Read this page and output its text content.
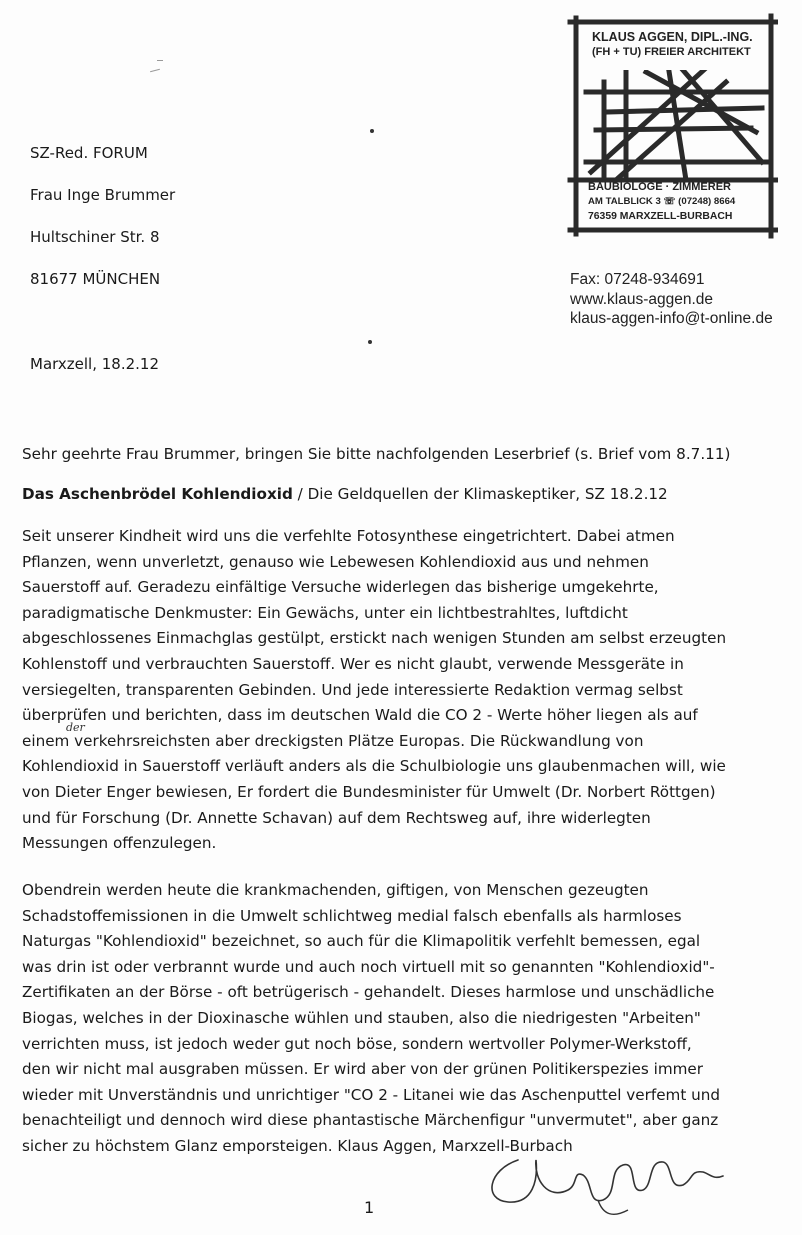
KLAUS AGGEN, DIPL.-ING.
(FH + TU) FREIER ARCHITEKT
BAUBIOLOGE · ZIMMERER
AM TALBLICK 3 ☏ (07248) 8664
76359 MARXZELL-BURBACH
SZ-Red. FORUM
Frau Inge Brummer
Hultschiner Str. 8
81677 MÜNCHEN	Fax: 07248-934691
www.klaus-aggen.de
klaus-aggen-info@t-online.de
Marxzell, 18.2.12
Sehr geehrte Frau Brummer, bringen Sie bitte nachfolgenden Leserbrief (s. Brief vom 8.7.11)
Das Aschenbrödel Kohlendioxid / Die Geldquellen der Klimaskeptiker, SZ 18.2.12
Seit unserer Kindheit wird uns die verfehlte Fotosynthese eingetrichtert. Dabei atmen
Pflanzen, wenn unverletzt, genauso wie Lebewesen Kohlendioxid aus und nehmen
Sauerstoff auf. Geradezu einfältige Versuche widerlegen das bisherige umgekehrte,
paradigmatische Denkmuster: Ein Gewächs, unter ein lichtbestrahltes, luftdicht
abgeschlossenes Einmachglas gestülpt, erstickt nach wenigen Stunden am selbst erzeugten
Kohlenstoff und verbrauchten Sauerstoff. Wer es nicht glaubt, verwende Messgeräte in
versiegelten, transparenten Gebinden. Und jede interessierte Redaktion vermag selbst
überprüfen und berichten, dass im deutschen Wald die CO 2 - Werte höher liegen als auf
einem verkehrsreichsten aber dreckigsten Plätze Europas. Die Rückwandlung von
Kohlendioxid in Sauerstoff verläuft anders als die Schulbiologie uns glaubenmachen will, wie
von Dieter Enger bewiesen, Er fordert die Bundesminister für Umwelt (Dr. Norbert Röttgen)
und für Forschung (Dr. Annette Schavan) auf dem Rechtsweg auf, ihre widerlegten
Messungen offenzulegen.
der
Obendrein werden heute die krankmachenden, giftigen, von Menschen gezeugten
Schadstoffemissionen in die Umwelt schlichtweg medial falsch ebenfalls als harmloses
Naturgas "Kohlendioxid" bezeichnet, so auch für die Klimapolitik verfehlt bemessen, egal
was drin ist oder verbrannt wurde und auch noch virtuell mit so genannten "Kohlendioxid"-
Zertifikaten an der Börse - oft betrügerisch - gehandelt. Dieses harmlose und unschädliche
Biogas, welches in der Dioxinasche wühlen und stauben, also die niedrigesten "Arbeiten"
verrichten muss, ist jedoch weder gut noch böse, sondern wertvoller Polymer-Werkstoff,
den wir nicht mal ausgraben müssen. Er wird aber von der grünen Politikerspezies immer
wieder mit Unverständnis und unrichtiger "CO 2 - Litanei wie das Aschenputtel verfemt und
benachteiligt und dennoch wird diese phantastische Märchenfigur "unvermutet", aber ganz
sicher zu höchstem Glanz emporsteigen. Klaus Aggen, Marxzell-Burbach
1
